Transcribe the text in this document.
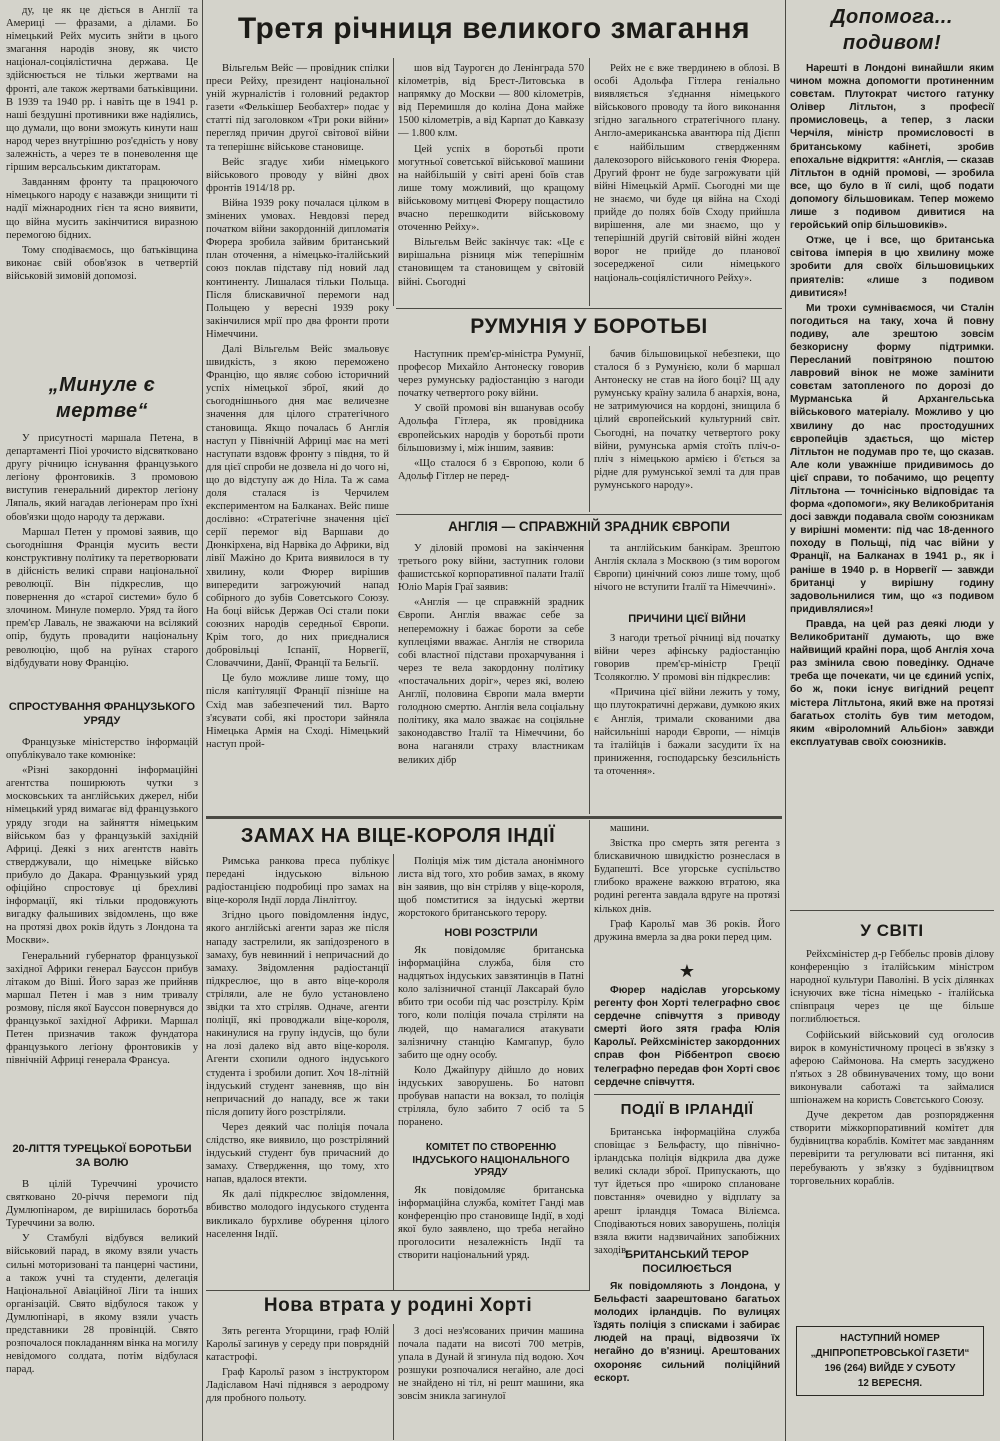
ду, це як це діється в Англії та Америці — фразами, а ділами. Бо німецький Рейх мусить знйти в цього змагання народів знову, як чисто націонал-соціялістична держава. Це здійснюється не тільки жертвами на фронті, але також жертвами батьківщини. В 1939 та 1940 рр. і навіть ще в 1941 р. наші бездушні противники вже надіялись, що думали, що вони зможуть кинути наш народ через внутрішню роз'єдність у нову залежність, а через те в поневолення ще гіршим версальським диктаторам.

Завданням фронту та працюючого німецького народу є назавжди знищити ті надії міжнародних гієн та ясно виявити, що війна мусить закінчитися виразною перемогою бідних.

Тому сподіваємось, що батьківщина виконає свій обов'язок в четвертій військовій зимовій допомозі.

„Минуле є мертве“

У присутності маршала Петена, в департаменті Піоі урочисто відсвятковано другу річницю існування французького легіону фронтовиків. З промовою виступив генеральний директор легіону Ляпаль, який нагадав легіонерам про їхні обов'язки щодо народу та держави.

Маршал Петен у промові заявив, що сьогоднішня Франція мусить вести конструктивну політику та перетворювати в дійсність великі справи національної революції. Він підкреслив, що повернення до «старої системи» було б злочином. Минуле померло. Уряд та його прем'єр Лаваль, не зважаючи на всілякий опір, будуть провадити національну революцію, щоб на руїнах старого відбудувати нову Францію.

СПРОСТУВАННЯ ФРАНЦУЗЬКОГО УРЯДУ

Французьке міністерство інформацій опублікувало таке комюніке:

«Різні закордонні інформаційні агентства поширюють чутки з московських та англійських джерел, ніби німецький уряд вимагає від французького уряду згоди на зайняття німецьким військом баз у французькій західній Африці. Деякі з них агентств навіть стверджували, що німецьке військо прибуло до Дакара. Французький уряд офіційно спростовує ці брехливі інформації, які тільки продовжують вигадку фальшивих звідомлень, що вже на протязі двох років йдуть з Лондона та Москви».

Генеральний губернатор французької західної Африки генерал Бауссон прибув літаком до Віші. Його зараз же прийняв маршал Петен і мав з ним тривалу розмову, після якої Бауссон повернувся до французької західної Африки. Маршал Петен призначив також фундатора французького легіону фронтовиків у північній Африці генерала Франсуа.

20-ЛІТТЯ ТУРЕЦЬКОЇ БОРОТЬБИ ЗА ВОЛЮ

В цілій Туреччині урочисто святковано 20-річчя перемоги під Думлюпінаром, де вирішилась боротьба Туреччини за волю.

У Стамбулі відбувся великий військовий парад, в якому взяли участь сильні моторизовані та панцерні частини, а також учні та студенти, делегація Національної Авіаційної Ліги та інших організацій. Свято відбулося також у Думлюпінарі, в якому взяли участь представники 28 провінцій. Свято розпочалося покладанням вінка на могилу невідомого солдата, потім відбулася парад.

Третя річниця великого змагання

Вільгельм Вейс — провідник спілки преси Рейху, президент національної уній журналістів і головний редактор газети «Фелькішер Беобахтер» подає у статті під заголовком «Три роки війни» перегляд причин другої світової війни та теперішнє військове становище.

Вейс згадує хиби німецького військового проводу у війні двох фронтів 1914/18 рр.

Війна 1939 року почалася цілком в змінених умовах. Невдовзі перед початком війни закордонній дипломатія Фюрера зробила зайвим британський план оточення, а німецько-італійський союз поклав підставу під новий лад континенту. Лишалася тільки Польща. Після блискавичної перемоги над Польщею у вересні 1939 року закінчилися мрії про два фронти проти Німеччини.

Далі Вільгельм Вейс змальовує швидкість, з якою переможено Францію, що являє собою історичний успіх німецької зброї, який до сьогоднішнього дня має величезне значення для цілого стратегічного становища. Якщо почалась б Англія наступ у Північній Африці має на меті наступати вздовж фронту з півдня, то й для цієї спроби не дозвела ні до чого ні, що до відступу аж до Ніла. Та ж сама доля сталася із Черчилем експериментом на Балканах. Вейс пише дослівно: «Стратегічне значення цієї серії перемог від Варшави до Дюнкірхена, від Нарвіка до Африки, від лівії Мажіно до Крита виявилося в ту хвилину, коли Фюрер вирішив випередити загрожуючий напад собірного до зубів Советського Союзу. На боці військ Держав Осі стали поки союзних народів середньої Європи. Крім того, до них приєдналися добровільці Іспанії, Норвегії, Словаччини, Данії, Франції та Бельгії.

Це було можливе лише тому, що після капітуляції Франції пізніше на Схід мав забезпечений тил. Варто з'ясувати собі, які простори зайняла Німецька Армія на Сході. Німецький наступ прой-

шов від Таурогєн до Ленінграда 570 кілометрів, від Брест-Литовська в напрямку до Москви — 800 кілометрів, від Перемишля до коліна Дона майже 1500 кілометрів, а від Карпат до Кавказу — 1.800 клм.

Цей успіх в боротьбі проти могутньої советської військової машини на найбільшій у світі арені боїв став лише тому можливий, що кращому військовому митцеві Фюреру пощастило вчасно перешкодити військовому оточенню Рейху».

Вільгельм Вейс закінчує так: «Це є вирішальна різниця між теперішнім становищем та становищем у світовій війні. Сьогодні

Рейх не є вже твердинею в облозі. В особі Адольфа Гітлера геніально виявляється з'єднання німецького військового проводу та його виконання згідно загального стратегічного плану. Англо-американська авантюра під Дієпп є найбільшим ствердженням далекозорого військового генія Фюрера. Другий фронт не буде загрожувати цій війні Німецькій Армії. Сьогодні ми ще не знаємо, чи буде ця війна на Сході прийде до полях боїв Сходу прийшла вирішення, але ми знаємо, що у теперішній другій світовій війні жоден ворог не прийде до планової зосередженої сили німецького національ-соціялістичного Рейху».

РУМУНІЯ У БОРОТЬБІ

Наступник прем'єр-міністра Румунії, професор Михайло Антонеску говорив через румунську радіостанцію з нагоди початку четвертого року війни.

У своїй промові він вшанував особу Адольфа Гітлера, як провідника європейських народів у боротьбі проти більшовизму і, між іншим, заявив:

«Що сталося б з Європою, коли б Адольф Гітлер не перед-

бачив більшовицької небезпеки, що сталося б з Румунією, коли б маршал Антонеску не став на його боці? Щ аду румунську країну залила б анархія, вона, не затримуючися на кордоні, знищила б цілий європейський культурний світ. Сьогодні, на початку четвертого року війни, румунська армія стоїть пліч-о-пліч з німецькою армією і б'ється за рідне для румунської землі та для прав румунського народу».

АНГЛІЯ — СПРАВЖНІЙ ЗРАДНИК ЄВРОПИ

У діловій промові на закінчення третього року війни, заступник голови фашистської корпоративної палати Італії Юліо Марія Граї заявив:

«Англія — це справжній зрадник Європи. Англія вважає себе за непереможну і бажає бороти за себе куплеціями вважає. Англія не створила собі властної підстави прохарчування і через те вела закордонну політику «постачальних доріг», через які, волею Англії, половина Європи мала вмерти голодною смертю. Англія вела соціальну політику, яка мало зважає на соціяльне законодавство Італії та Німеччини, бо вона наганяли страху властникам великих дібр

та англійським банкірам. Зрештою Англія склала з Москвою (з тим ворогом Європи) цинічний союз лише тому, щоб нічого не вступити Італії та Німеччині».

ПРИЧИНИ ЦІЄЇ ВІЙНИ

З нагоди третьої річниці від початку війни через афінську радіостанцію говорив прем'єр-міністр Греції Тсолякоглю. У промові він підкреслив:

«Причина цієї війни лежить у тому, що плутократичні держави, думкою яких є Англія, тримали скованими два найсильніші народи Європи, — німців та італійців і бажали засудити їх на приниження, господарську безсильність та оточення».

ЗАМАХ НА ВІЦЕ-КОРОЛЯ ІНДІЇ

Римська ранкова преса публікує передані індуською вільною радіостанцією подробиці про замах на віце-короля Індії лорда Лінлітгоу.

Згідно цього повідомлення індус, якого англійські агенти зараз же після нападу застрелили, як запідозреного в замаху, був невинний і непричасний до замаху. Звідомлення радіостанції підкреслює, що в авто віце-короля стріляли, але не було установлено звідки та хто стріляв. Одначе, агенти поліції, які проводжали віце-короля, накинулися на групу індусів, що були на лозі далеко від авто віце-короля. Агенти схопили одного індуського студента і зробили допит. Хоч 18-літній індуський студент заневняв, що він непричасний до нападу, все ж таки після допиту його розстріляли.

Через деякий час поліція почала слідство, яке виявило, що розстріляний індуський студент був причасний до замаху. Ствердження, що тому, хто напав, вдалося втекти.

Як далі підкреслює звідомлення, вбивство молодого індуського студента викликало бурхливе обурення цілого населення Індії.

Поліція між тим дістала анонімного листа від того, хто робив замах, в якому він заявив, що він стріляв у віце-короля, щоб помститися за індуські жертви жорстокого британського терору.

НОВІ РОЗСТРІЛИ

Як повідомляє британська інформаційна служба, біля сто надцятьох індуських завзятинців в Патні коло залізничної станції Лаксарай було вбито три особи під час розстрілу. Крім того, коли поліція почала стріляти на людей, що намагалися атакувати залізничну станцію Камгапур, було забито ще одну особу.

Коло Джайпуру дійшло до нових індуських заворушень. Бо натовп пробував напасти на вокзал, то поліція стріляла, було забито 7 осіб та 5 поранено.

КОМІТЕТ ПО СТВОРЕННЮ ІНДУСЬКОГО НАЦІОНАЛЬНОГО УРЯДУ

Як повідомляє британська інформаційна служба, комітет Ганді мав конференцію про становище Індії, в ході якої було заявлено, що треба негайно проголосити незалежність Індії та створити національний уряд.

машини.

Звістка про смерть зятя регента з блискавичною швидкістю рознеслася в Будапешті. Все угорське суспільство глибоко вражене важкою втратою, яка родині регента завдала вдруге на протязі кількох днів.

Граф Карольї мав 36 років. Його дружина вмерла за два роки перед цим.

★

Фюрер надіслав угорському регенту фон Хорті телеграфно своє сердечне співчуття з приводу смерті його зятя графа Юлія Карольї. Рейхсміністер закордонних справ фон Ріббентроп своєю телеграфно передав фон Хорті своє сердечне співчуття.

ПОДІЇ В ІРЛАНДІЇ

Британська інформаційна служба сповіщає з Бельфасту, що північно-ірландська поліція відкрила два дуже великі склади зброї. Припускають, що тут йдеться про «широко сплановане повстання» очевидно у відплату за арешт ірландця Томаса Віліємса. Сподіваються нових заворушень, поліція взяла вжити надзвичайних запобіжних заходів.

БРИТАНСЬКИЙ ТЕРОР ПОСИЛЮЄТЬСЯ

Як повідомляють з Лондона, у Бельфасті заарештовано багатьох молодих ірландців. По вулицях їздять поліція з списками і забирає людей на праці, відвозячи їх негайно до в'язниці. Арештованих охороняє сильний поліційний ескорт.

Нова втрата у родині Хорті

Зять регента Угорщини, граф Юлій Карольї загинув у середу при поврядній катастрофі.

Граф Карольї разом з інструктором Ладіславом Начі піднявся з аеродрому для пробного польоту.

З досі нез'ясованих причин машина почала падати на висоті 700 метрів, упала в Дунай й згинула під водою. Хоч розшуки розпочалися негайно, але досі не знайдено ні тіл, ні решт машини, яка зовсім зникла загинулої

Допомога...
подивом!

Нарешті в Лондоні винайшли яким чином можна допомогти протиненним совєтам. Плутократ чистого гатунку Олівер Літльтон, з професії промисловець, а тепер, з ласки Черчіля, міністр промисловості в британському кабінеті, зробив епохальне відкриття: «Англія, — сказав Літльтон в одній промові, — зробила все, що було в її силі, щоб подати допомогу більшовикам. Тепер можемо лише з подивом дивитися на геройський опір більшовиків».

Отже, це і все, що британська світова імперія в цю хвилину може зробити для своїх більшовицьких приятелів: «лише з подивом дивитися»!

Ми трохи сумніваємося, чи Сталін погодиться на таку, хоча й повну подиву, але зрештою зовсім безкорисну форму підтримки. Пересланий повітряною поштою лавровий вінок не може замінити совєтам затопленого по дорозі до Мурманська й Архангельська військового матеріалу. Можливо у цю хвилину до нас простодушних європейців здається, що містер Літльтон не подумав про те, що сказав. Але коли уважніше придивимось до цієї справи, то побачимо, що рецепту Літльтона — точнісінько відповідає та форма «допомоги», яку Великобританія досі завжди подавала своїм союзникам у вирішні моменти: під час 18-денного походу в Польщі, під час війни у Франції, на Балканах в 1941 р., як і раніше в 1940 р. в Норвегії — завжди британці у вирішну годину задовольнилися тим, що «з подивом придивлялися»!

Правда, на цей раз деякі люди у Великобританії думають, що вже найвищий крайні пора, щоб Англія хоча раз змінила свою поведінку. Одначе треба ще почекати, чи це єдиний успіх, бо ж, поки існує вигідний рецепт містера Літльтона, який вже на протязі багатьох століть був тим методом, яким «віроломний Альбіон» завжди експлуатував своїх союзників.

У СВІТІ

Рейхсміністер д-р Геббельс провів ділову конференцію з італійським міністром народної культури Паволіні. В усіх ділянках існуючих вже тісна німецько - італійська співпраця через це ще більше поглиблюється.

Софійський військовий суд оголосив вирок в комуністичному процесі в зв'язку з аферою Саймонова. На смерть засуджено п'ятьох з 28 обвинувачених тому, що вони виконували саботажі та займалися шпіонажем на користь Совєтського Союзу.

Дуче декретом дав розпорядження створити міжкорпоративний комітет для будівництва кораблів. Комітет має завданням перевірити та регулювати всі питання, які перебувають у зв'язку з будівництвом торговельних кораблів.

НАСТУПНИЙ НОМЕР
„ДНІПРОПЕТРОВСЬКОЇ ГАЗЕТИ“
196 (264) ВИЙДЕ У СУБОТУ
12 ВЕРЕСНЯ.
